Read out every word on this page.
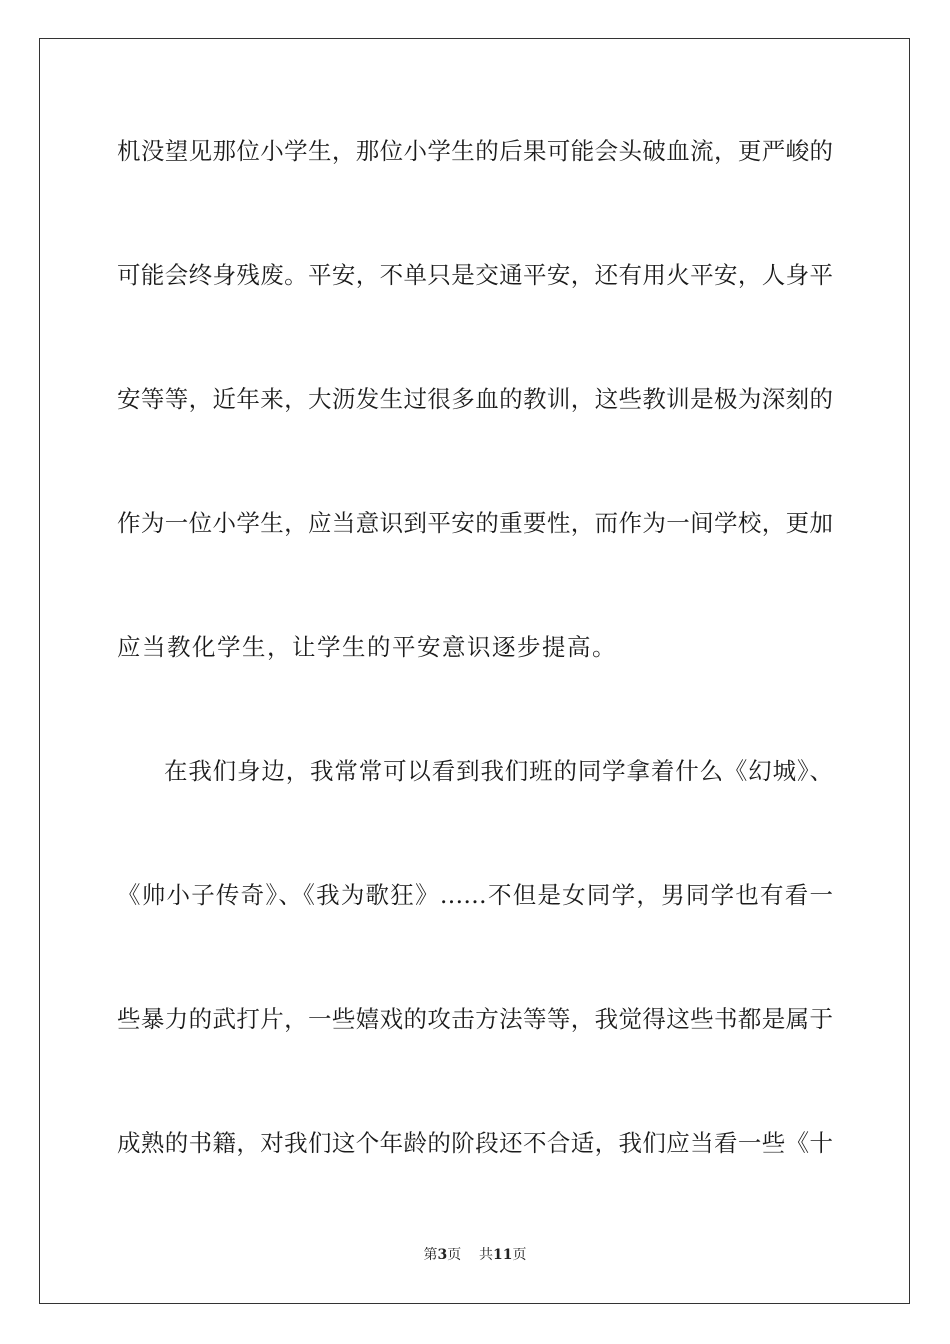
机没望见那位小学生，那位小学生的后果可能会头破血流，更严峻的
可能会终身残废。平安，不单只是交通平安，还有用火平安，人身平
安等等，近年来，大沥发生过很多血的教训，这些教训是极为深刻的
作为一位小学生，应当意识到平安的重要性，而作为一间学校，更加
应当教化学生，让学生的平安意识逐步提高。
在我们身边，我常常可以看到我们班的同学拿着什么《幻城》、
《帅小子传奇》、《我为歌狂》……不但是女同学，男同学也有看一
些暴力的武打片，一些嬉戏的攻击方法等等，我觉得这些书都是属于
成熟的书籍，对我们这个年龄的阶段还不合适，我们应当看一些《十
第3页 共11页
